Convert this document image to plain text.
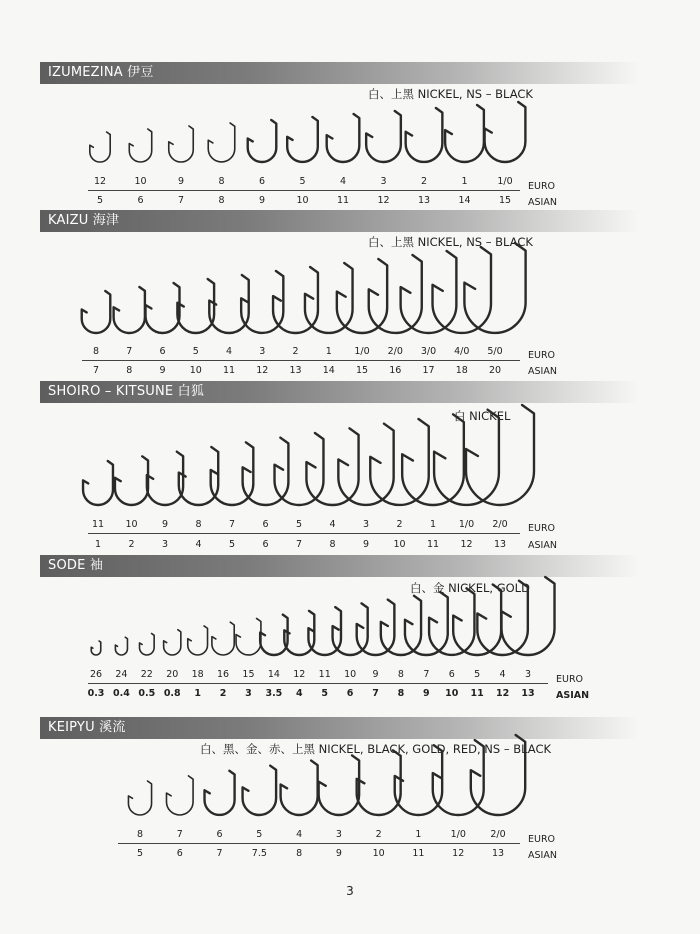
IZUMEZINA 伊豆
白、上黑 NICKEL, NS – BLACK
12	10	9	8	6	5	4	3	2	1	1/0 EURO
5	6	7	8	9	10	11	12	13	14	15 ASIAN
KAIZU 海津
白、上黑 NICKEL, NS – BLACK
8	7	6	5	4	3	2	1 1/0 2/0 3/0 4/0 5/0	EURO
7	8	9	10 11 12 13 14 15 16 17 18 20	ASIAN
SHOIRO – KITSUNE 白狐
白 NICKEL
11 10	9	8	7	6	5	4	3	2	1 1/0 2/0 EURO
1	2	3	4	5	6	7	8	9	10 11 12 13 ASIAN
SODE 袖
白、金 NICKEL, GOLD
26 24 22 20 18 16 15 14 12 11 10 9 8 7 6 5 4 3	EURO
0.3 0.4 0.5 0.8 1 2 3 3.5 4 5 6 7 8 9 10 11 12 13 ASIAN
KEIPYU 溪流
白、黑、金、赤、上黑 NICKEL, BLACK, GOLD, RED, NS – BLACK
8	7	6	5	4	3	2	1	1/0	2/0 EURO
5	6	7	7.5	8	9	10	11	12	13	ASIAN
3
